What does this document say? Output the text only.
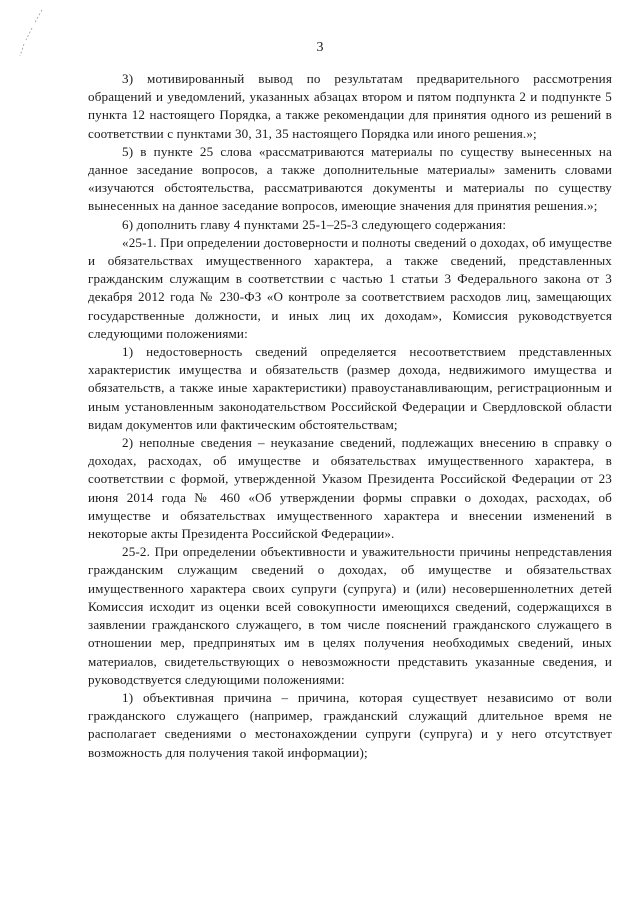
3

3) мотивированный вывод по результатам предварительного рассмотрения обращений и уведомлений, указанных абзацах втором и пятом подпункта 2 и подпункте 5 пункта 12 настоящего Порядка, а также рекомендации для принятия одного из решений в соответствии с пунктами 30, 31, 35 настоящего Порядка или иного решения.»;

5) в пункте 25 слова «рассматриваются материалы по существу вынесенных на данное заседание вопросов, а также дополнительные материалы» заменить словами «изучаются обстоятельства, рассматриваются документы и материалы по существу вынесенных на данное заседание вопросов, имеющие значения для принятия решения.»;

6) дополнить главу 4 пунктами 25-1–25-3 следующего содержания:

«25-1. При определении достоверности и полноты сведений о доходах, об имуществе и обязательствах имущественного характера, а также сведений, представленных гражданским служащим в соответствии с частью 1 статьи 3 Федерального закона от 3 декабря 2012 года № 230-ФЗ «О контроле за соответствием расходов лиц, замещающих государственные должности, и иных лиц их доходам», Комиссия руководствуется следующими положениями:

1) недостоверность сведений определяется несоответствием представленных характеристик имущества и обязательств (размер дохода, недвижимого имущества и обязательств, а также иные характеристики) правоустанавливающим, регистрационным и иным установленным законодательством Российской Федерации и Свердловской области видам документов или фактическим обстоятельствам;

2) неполные сведения – неуказание сведений, подлежащих внесению в справку о доходах, расходах, об имуществе и обязательствах имущественного характера, в соответствии с формой, утвержденной Указом Президента Российской Федерации от 23 июня 2014 года № 460 «Об утверждении формы справки о доходах, расходах, об имуществе и обязательствах имущественного характера и внесении изменений в некоторые акты Президента Российской Федерации».

25-2. При определении объективности и уважительности причины непредставления гражданским служащим сведений о доходах, об имуществе и обязательствах имущественного характера своих супруги (супруга) и (или) несовершеннолетних детей Комиссия исходит из оценки всей совокупности имеющихся сведений, содержащихся в заявлении гражданского служащего, в том числе пояснений гражданского служащего в отношении мер, предпринятых им в целях получения необходимых сведений, иных материалов, свидетельствующих о невозможности представить указанные сведения, и руководствуется следующими положениями:

1) объективная причина – причина, которая существует независимо от воли гражданского служащего (например, гражданский служащий длительное время не располагает сведениями о местонахождении супруги (супруга) и у него отсутствует возможность для получения такой информации);
